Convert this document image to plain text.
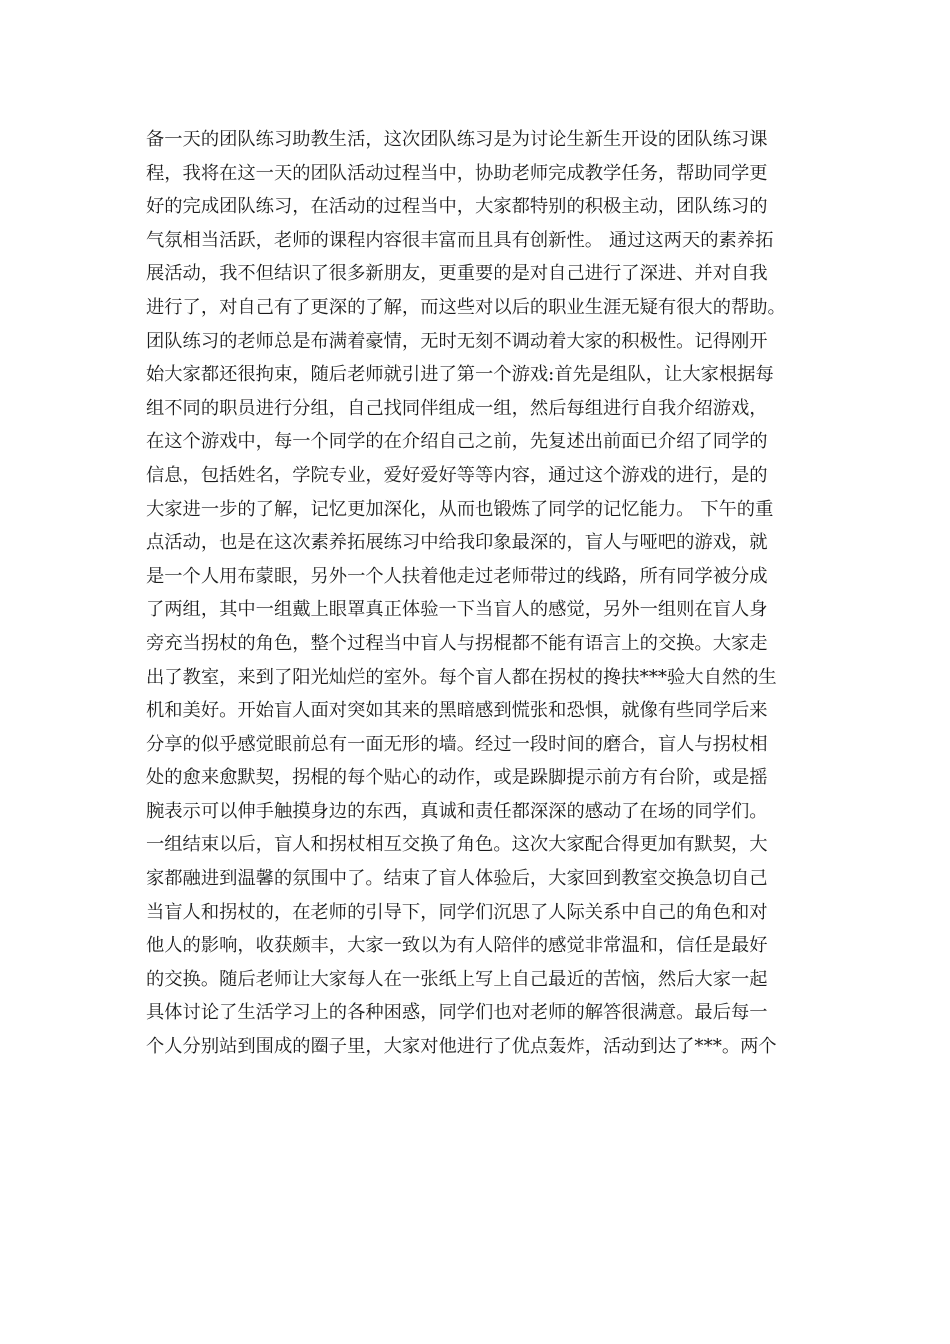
备一天的团队练习助教生活，这次团队练习是为讨论生新生开设的团队练习课
程，我将在这一天的团队活动过程当中，协助老师完成教学任务，帮助同学更
好的完成团队练习，在活动的过程当中，大家都特别的积极主动，团队练习的
气氛相当活跃，老师的课程内容很丰富而且具有创新性。 通过这两天的素养拓
展活动，我不但结识了很多新朋友，更重要的是对自己进行了深进、并对自我
进行了，对自己有了更深的了解，而这些对以后的职业生涯无疑有很大的帮助。
团队练习的老师总是布满着豪情，无时无刻不调动着大家的积极性。记得刚开
始大家都还很拘束，随后老师就引进了第一个游戏:首先是组队，让大家根据每
组不同的职员进行分组，自己找同伴组成一组，然后每组进行自我介绍游戏，
在这个游戏中，每一个同学的在介绍自己之前，先复述出前面已介绍了同学的
信息，包括姓名，学院专业，爱好爱好等等内容，通过这个游戏的进行，是的
大家进一步的了解，记忆更加深化，从而也锻炼了同学的记忆能力。 下午的重
点活动，也是在这次素养拓展练习中给我印象最深的，盲人与哑吧的游戏，就
是一个人用布蒙眼，另外一个人扶着他走过老师带过的线路，所有同学被分成
了两组，其中一组戴上眼罩真正体验一下当盲人的感觉，另外一组则在盲人身
旁充当拐杖的角色，整个过程当中盲人与拐棍都不能有语言上的交换。大家走
出了教室，来到了阳光灿烂的室外。每个盲人都在拐杖的搀扶***验大自然的生
机和美好。开始盲人面对突如其来的黑暗感到慌张和恐惧，就像有些同学后来
分享的似乎感觉眼前总有一面无形的墙。经过一段时间的磨合，盲人与拐杖相
处的愈来愈默契，拐棍的每个贴心的动作，或是跺脚提示前方有台阶，或是摇
腕表示可以伸手触摸身边的东西，真诚和责任都深深的感动了在场的同学们。
一组结束以后，盲人和拐杖相互交换了角色。这次大家配合得更加有默契，大
家都融进到温馨的氛围中了。结束了盲人体验后，大家回到教室交换急切自己
当盲人和拐杖的，在老师的引导下，同学们沉思了人际关系中自己的角色和对
他人的影响，收获颇丰，大家一致以为有人陪伴的感觉非常温和，信任是最好
的交换。随后老师让大家每人在一张纸上写上自己最近的苦恼，然后大家一起
具体讨论了生活学习上的各种困惑，同学们也对老师的解答很满意。最后每一
个人分别站到围成的圈子里，大家对他进行了优点轰炸，活动到达了***。两个
